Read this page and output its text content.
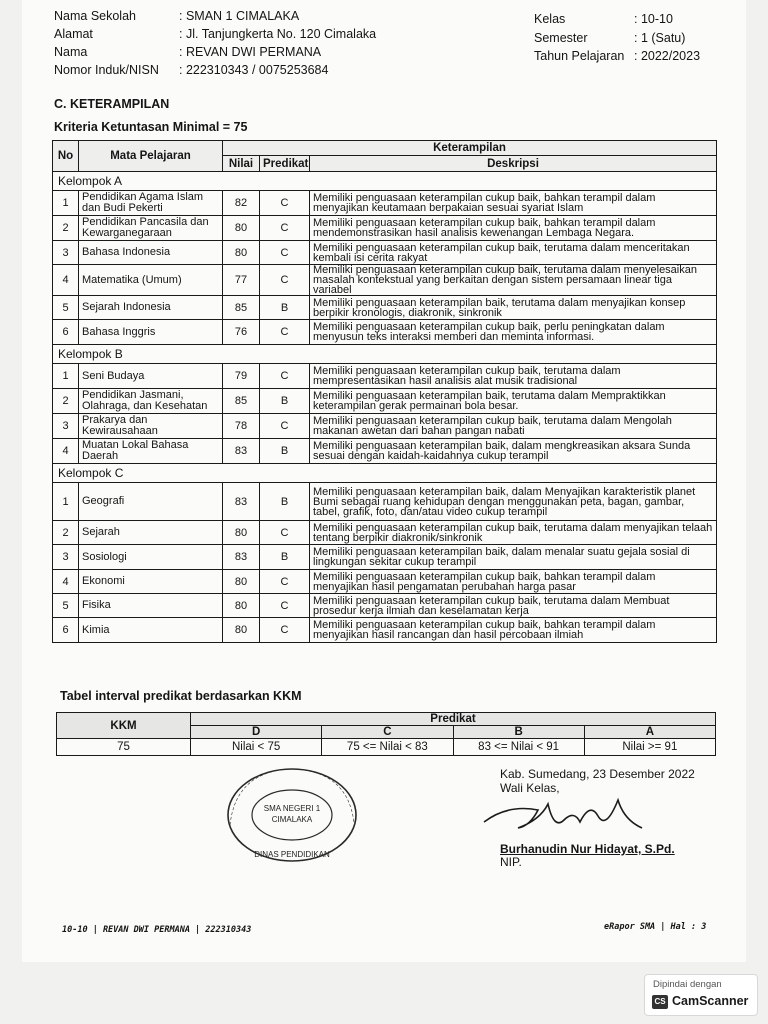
Nama Sekolah	: SMAN 1 CIMALAKA
Alamat	: Jl. Tanjungkerta No. 120 Cimalaka
Nama	: REVAN DWI PERMANA
Nomor Induk/NISN : 222310343 / 0075253684
Kelas	: 10-10
Semester	: 1 (Satu)
Tahun Pelajaran : 2022/2023
C. KETERAMPILAN
Kriteria Ketuntasan Minimal = 75
No	Mata Pelajaran	Keterampilan		
		Nilai	Predikat	Deskripsi
Kelompok A				
1	Pendidikan Agama Islam dan Budi Pekerti	82	C	Memiliki penguasaan keterampilan cukup baik, bahkan terampil dalam menyajikan keutamaan berpakaian sesuai syariat Islam
2	Pendidikan Pancasila dan Kewarganegaraan	80	C	Memiliki penguasaan keterampilan cukup baik, bahkan terampil dalam mendemonstrasikan hasil analisis kewenangan Lembaga Negara.
3	Bahasa Indonesia	80	C	Memiliki penguasaan keterampilan cukup baik, terutama dalam menceritakan kembali isi cerita rakyat
4	Matematika (Umum)	77	C	Memiliki penguasaan keterampilan cukup baik, terutama dalam menyelesaikan masalah kontekstual yang berkaitan dengan sistem persamaan linear tiga variabel
5	Sejarah Indonesia	85	B	Memiliki penguasaan keterampilan baik, terutama dalam menyajikan konsep berpikir kronologis, diakronik, sinkronik
6	Bahasa Inggris	76	C	Memiliki penguasaan keterampilan cukup baik, perlu peningkatan dalam menyusun teks interaksi memberi dan meminta informasi.
Kelompok B				
1	Seni Budaya	79	C	Memiliki penguasaan keterampilan cukup baik, terutama dalam mempresentasikan hasil analisis alat musik tradisional
2	Pendidikan Jasmani, Olahraga, dan Kesehatan	85	B	Memiliki penguasaan keterampilan baik, terutama dalam Mempraktikkan keterampilan gerak permainan bola besar.
3	Prakarya dan Kewirausahaan	78	C	Memiliki penguasaan keterampilan cukup baik, terutama dalam Mengolah makanan awetan dari bahan pangan nabati
4	Muatan Lokal Bahasa Daerah	83	B	Memiliki penguasaan keterampilan baik, dalam mengkreasikan aksara Sunda sesuai dengan kaidah-kaidahnya cukup terampil
Kelompok C				
1	Geografi	83	B	Memiliki penguasaan keterampilan baik, dalam Menyajikan karakteristik planet Bumi sebagai ruang kehidupan dengan menggunakan peta, bagan, gambar, tabel, grafik, foto, dan/atau video cukup terampil
2	Sejarah	80	C	Memiliki penguasaan keterampilan cukup baik, terutama dalam menyajikan telaah tentang berpikir diakronik/sinkronik
3	Sosiologi	83	B	Memiliki penguasaan keterampilan baik, dalam menalar suatu gejala sosial di lingkungan sekitar cukup terampil
4	Ekonomi	80	C	Memiliki penguasaan keterampilan cukup baik, bahkan terampil dalam menyajikan hasil pengamatan perubahan harga pasar
5	Fisika	80	C	Memiliki penguasaan keterampilan cukup baik, terutama dalam Membuat prosedur kerja ilmiah dan keselamatan kerja
6	Kimia	80	C	Memiliki penguasaan keterampilan cukup baik, bahkan terampil dalam menyajikan hasil rancangan dan hasil percobaan ilmiah
Tabel interval predikat berdasarkan KKM
KKM	Predikat			
	D	C	B	A
75	Nilai < 75	75 <= Nilai < 83	83 <= Nilai < 91	Nilai >= 91
SMA NEGERI 1
CIMALAKA
DINAS PENDIDIKAN
Kab. Sumedang, 23 Desember 2022
Wali Kelas,
Burhanudin Nur Hidayat, S.Pd.
NIP.
10-10 | REVAN DWI PERMANA | 222310343	eRapor SMA | Hal : 3
Dipindai dengan
CS CamScanner
